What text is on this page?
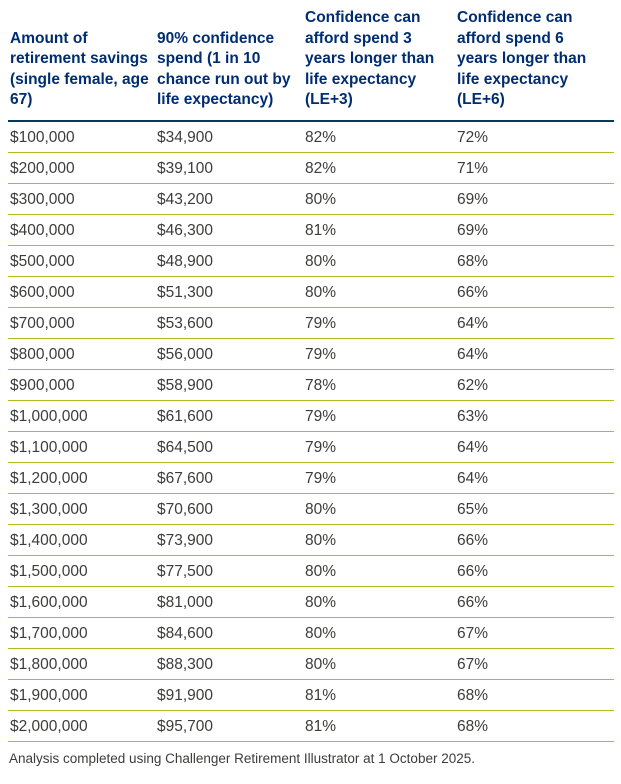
Amount of retirement savings (single female, age 67)	90% confidence spend (1 in 10 chance run out by life expectancy)	Confidence can afford spend 3 years longer than life expectancy (LE+3)	Confidence can afford spend 6 years longer than life expectancy (LE+6)
$100,000	$34,900	82%	72%
$200,000	$39,100	82%	71%
$300,000	$43,200	80%	69%
$400,000	$46,300	81%	69%
$500,000	$48,900	80%	68%
$600,000	$51,300	80%	66%
$700,000	$53,600	79%	64%
$800,000	$56,000	79%	64%
$900,000	$58,900	78%	62%
$1,000,000	$61,600	79%	63%
$1,100,000	$64,500	79%	64%
$1,200,000	$67,600	79%	64%
$1,300,000	$70,600	80%	65%
$1,400,000	$73,900	80%	66%
$1,500,000	$77,500	80%	66%
$1,600,000	$81,000	80%	66%
$1,700,000	$84,600	80%	67%
$1,800,000	$88,300	80%	67%
$1,900,000	$91,900	81%	68%
$2,000,000	$95,700	81%	68%
Analysis completed using Challenger Retirement Illustrator at 1 October 2025.
